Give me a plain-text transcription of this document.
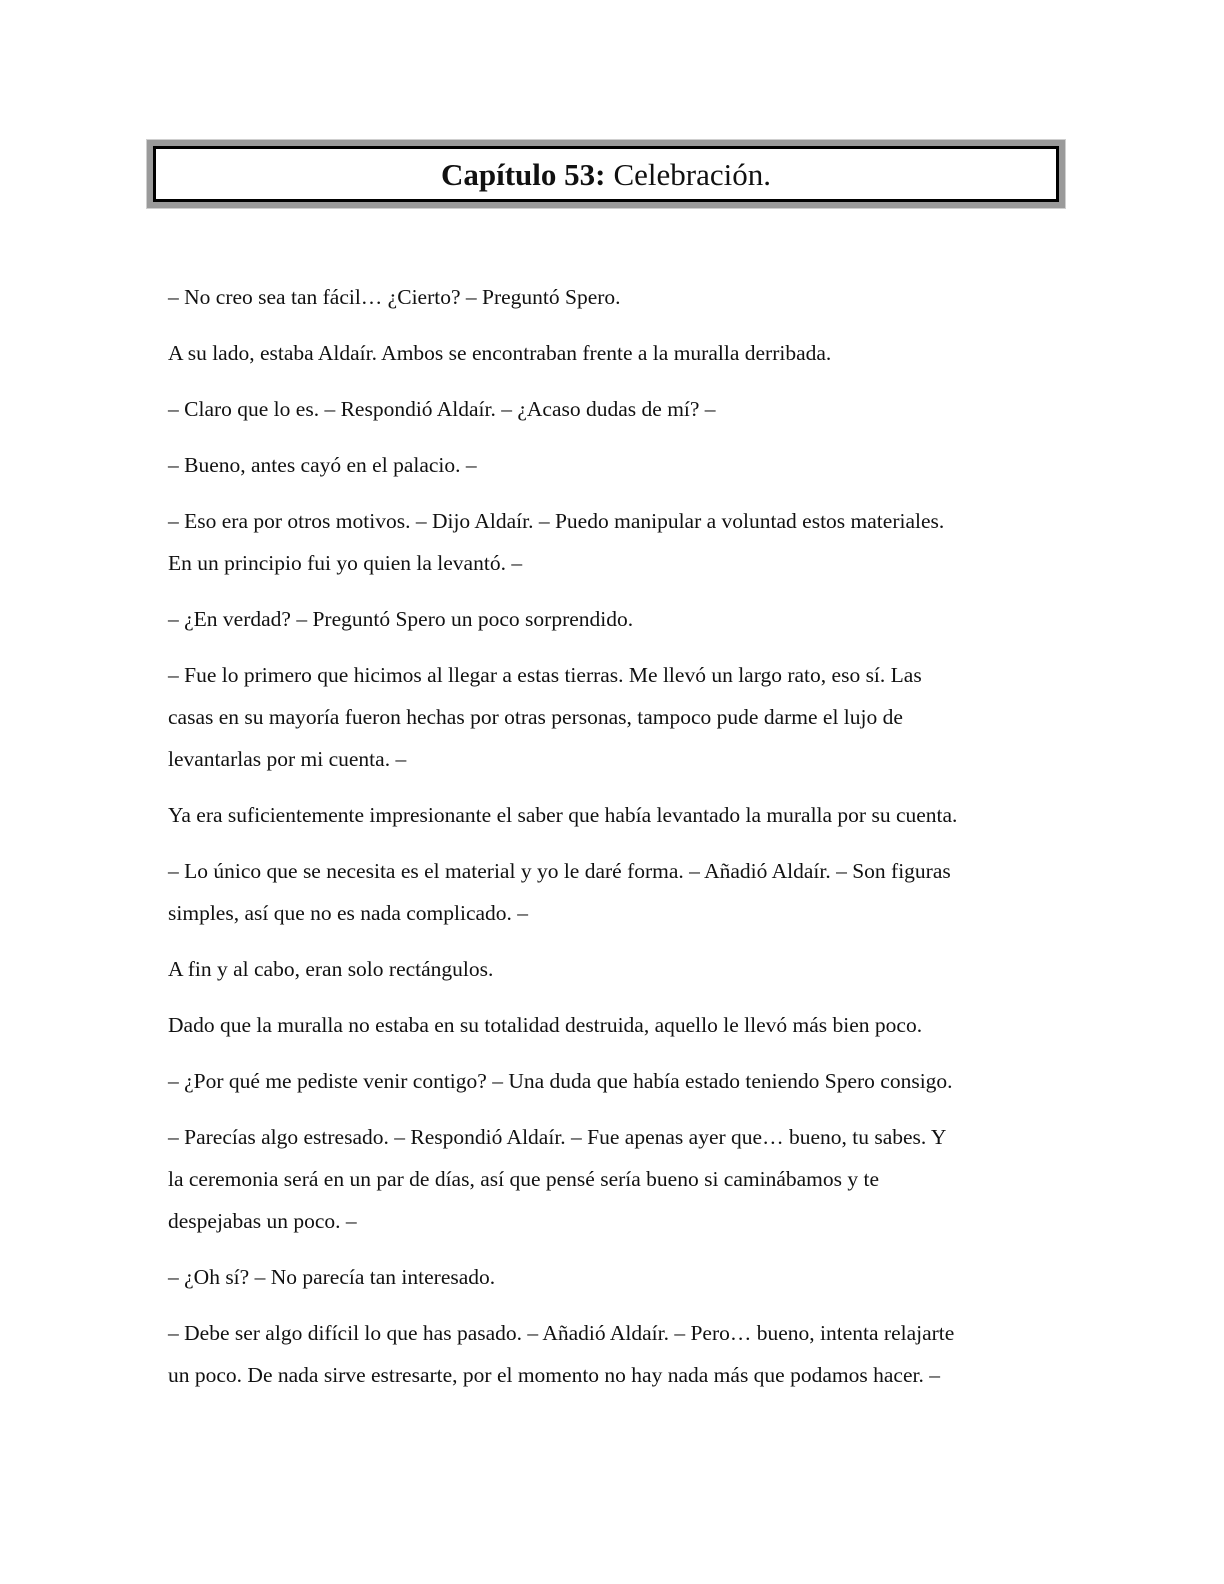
Capítulo 53: Celebración.

– No creo sea tan fácil… ¿Cierto? – Preguntó Spero.

A su lado, estaba Aldaír. Ambos se encontraban frente a la muralla derribada.

– Claro que lo es. – Respondió Aldaír. – ¿Acaso dudas de mí? –

– Bueno, antes cayó en el palacio. –

– Eso era por otros motivos. – Dijo Aldaír. – Puedo manipular a voluntad estos materiales.
En un principio fui yo quien la levantó. –

– ¿En verdad? – Preguntó Spero un poco sorprendido.

– Fue lo primero que hicimos al llegar a estas tierras. Me llevó un largo rato, eso sí. Las
casas en su mayoría fueron hechas por otras personas, tampoco pude darme el lujo de
levantarlas por mi cuenta. –

Ya era suficientemente impresionante el saber que había levantado la muralla por su cuenta.

– Lo único que se necesita es el material y yo le daré forma. – Añadió Aldaír. – Son figuras
simples, así que no es nada complicado. –

A fin y al cabo, eran solo rectángulos.

Dado que la muralla no estaba en su totalidad destruida, aquello le llevó más bien poco.

– ¿Por qué me pediste venir contigo? – Una duda que había estado teniendo Spero consigo.

– Parecías algo estresado. – Respondió Aldaír. – Fue apenas ayer que… bueno, tu sabes. Y
la ceremonia será en un par de días, así que pensé sería bueno si caminábamos y te
despejabas un poco. –

– ¿Oh sí? – No parecía tan interesado.

– Debe ser algo difícil lo que has pasado. – Añadió Aldaír. – Pero… bueno, intenta relajarte
un poco. De nada sirve estresarte, por el momento no hay nada más que podamos hacer. –
